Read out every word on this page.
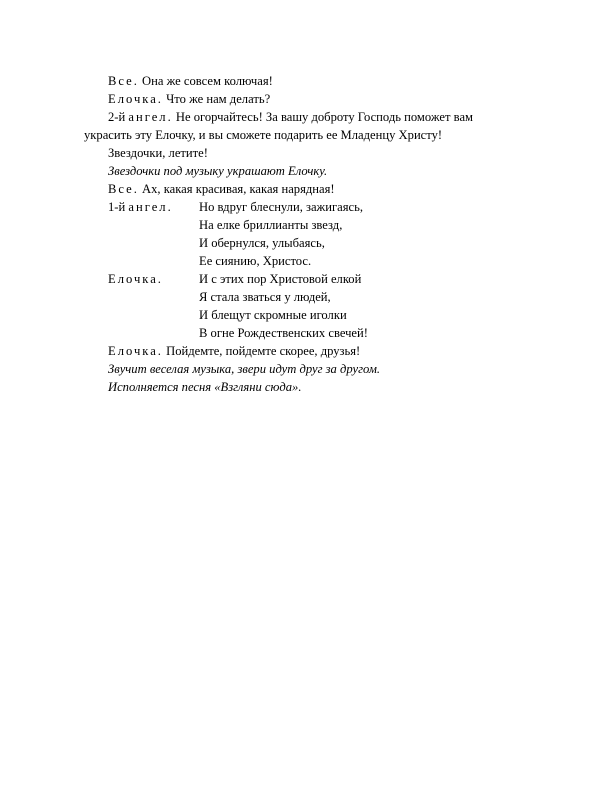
Все. Она же совсем колючая!
Елочка. Что же нам делать?
2-й ангел. Не огорчайтесь! За вашу доброту Господь поможет вам
украсить эту Елочку, и вы сможете подарить ее Младенцу Христу!
Звездочки, летите!
Звездочки под музыку украшают Елочку.
Все. Ах, какая красивая, какая нарядная!
1-й ангел. Но вдруг блеснули, зажигаясь,
На елке бриллианты звезд,
И обернулся, улыбаясь,
Ее сиянию, Христос.
Елочка.	И с этих пор Христовой елкой
Я стала зваться у людей,
И блещут скромные иголки
В огне Рождественских свечей!
Елочка. Пойдемте, пойдемте скорее, друзья!
Звучит веселая музыка, звери идут друг за другом.
Исполняется песня «Взгляни сюда».
